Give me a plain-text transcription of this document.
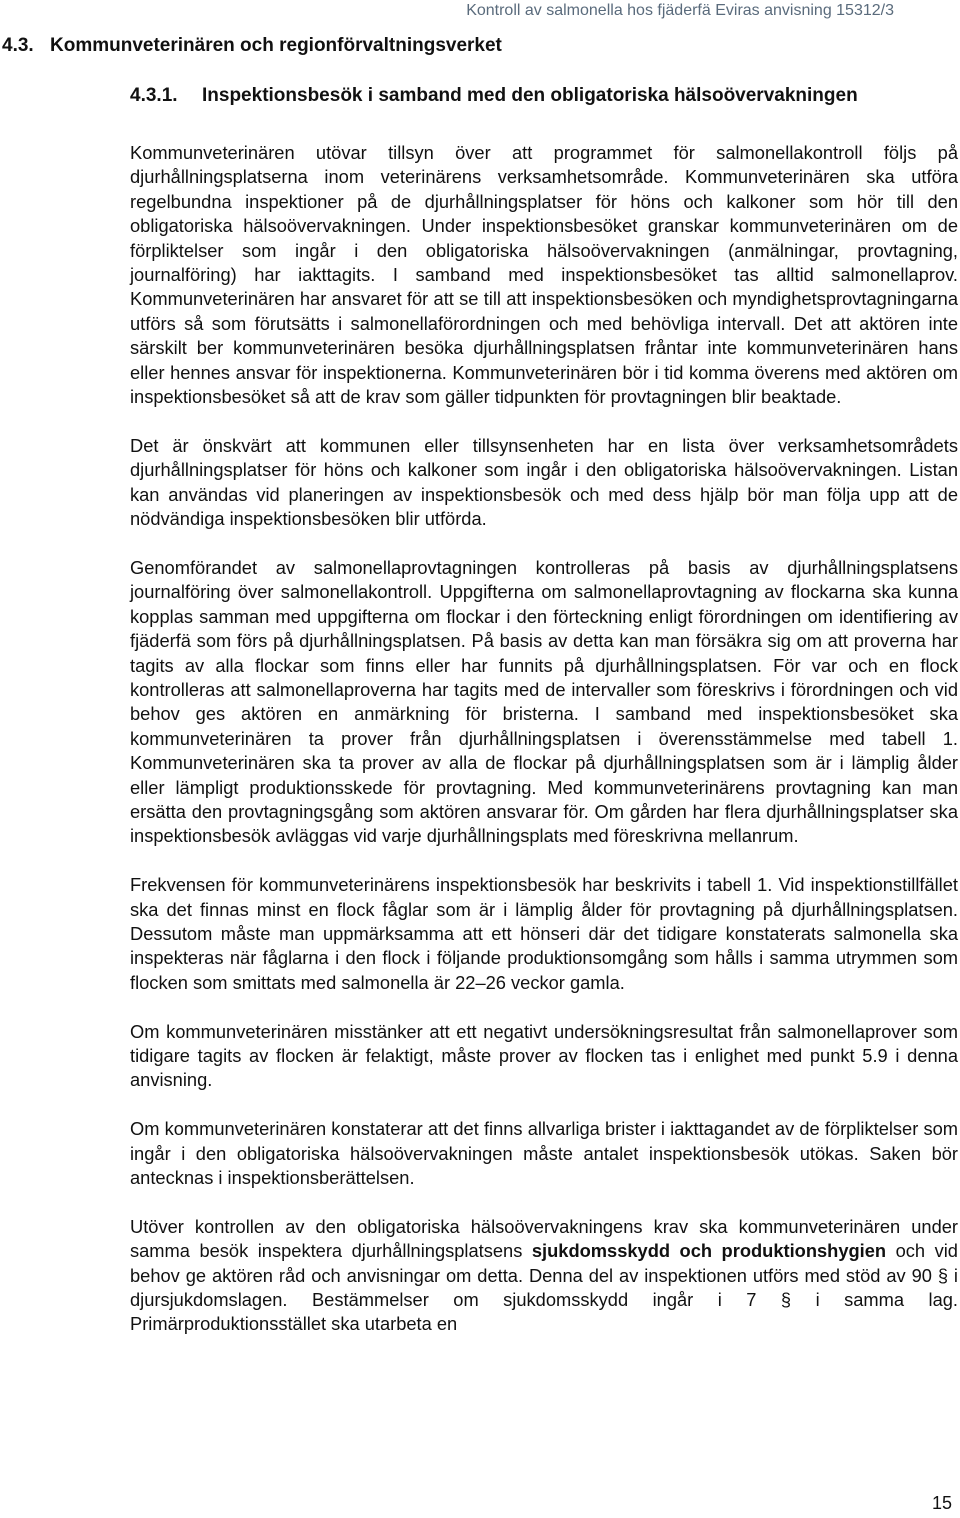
Kontroll av salmonella hos fjäderfä Eviras anvisning 15312/3
4.3. Kommunveterinären och regionförvaltningsverket
4.3.1. Inspektionsbesök i samband med den obligatoriska hälsoövervakningen

Kommunveterinären utövar tillsyn över att programmet för salmonellakontroll följs på djurhållningsplatserna inom veterinärens verksamhetsområde. Kommunveterinären ska utföra regelbundna inspektioner på de djurhållningsplatser för höns och kalkoner som hör till den obligatoriska hälsoövervakningen. Under inspektionsbesöket granskar kommunveterinären om de förpliktelser som ingår i den obligatoriska hälsoövervakningen (anmälningar, provtagning, journalföring) har iakttagits. I samband med inspektionsbesöket tas alltid salmonellaprov. Kommunveterinären har ansvaret för att se till att inspektionsbesöken och myndighetsprovtagningarna utförs så som förutsätts i salmonellaförordningen och med behövliga intervall. Det att aktören inte särskilt ber kommunveterinären besöka djurhållningsplatsen fråntar inte kommunveterinären hans eller hennes ansvar för inspektionerna. Kommunveterinären bör i tid komma överens med aktören om inspektionsbesöket så att de krav som gäller tidpunkten för provtagningen blir beaktade.

Det är önskvärt att kommunen eller tillsynsenheten har en lista över verksamhetsområdets djurhållningsplatser för höns och kalkoner som ingår i den obligatoriska hälsoövervakningen. Listan kan användas vid planeringen av inspektionsbesök och med dess hjälp bör man följa upp att de nödvändiga inspektionsbesöken blir utförda.

Genomförandet av salmonellaprovtagningen kontrolleras på basis av djurhållningsplatsens journalföring över salmonellakontroll. Uppgifterna om salmonellaprovtagning av flockarna ska kunna kopplas samman med uppgifterna om flockar i den förteckning enligt förordningen om identifiering av fjäderfä som förs på djurhållningsplatsen. På basis av detta kan man försäkra sig om att proverna har tagits av alla flockar som finns eller har funnits på djurhållningsplatsen. För var och en flock kontrolleras att salmonellaproverna har tagits med de intervaller som föreskrivs i förordningen och vid behov ges aktören en anmärkning för bristerna. I samband med inspektionsbesöket ska kommunveterinären ta prover från djurhållningsplatsen i överensstämmelse med tabell 1. Kommunveterinären ska ta prover av alla de flockar på djurhållningsplatsen som är i lämplig ålder eller lämpligt produktionsskede för provtagning. Med kommunveterinärens provtagning kan man ersätta den provtagningsgång som aktören ansvarar för. Om gården har flera djurhållningsplatser ska inspektionsbesök avläggas vid varje djurhållningsplats med föreskrivna mellanrum.

Frekvensen för kommunveterinärens inspektionsbesök har beskrivits i tabell 1. Vid inspektionstillfället ska det finnas minst en flock fåglar som är i lämplig ålder för provtagning på djurhållningsplatsen. Dessutom måste man uppmärksamma att ett hönseri där det tidigare konstaterats salmonella ska inspekteras när fåglarna i den flock i följande produktionsomgång som hålls i samma utrymmen som flocken som smittats med salmonella är 22–26 veckor gamla.

Om kommunveterinären misstänker att ett negativt undersökningsresultat från salmonellaprover som tidigare tagits av flocken är felaktigt, måste prover av flocken tas i enlighet med punkt 5.9 i denna anvisning.

Om kommunveterinären konstaterar att det finns allvarliga brister i iakttagandet av de förpliktelser som ingår i den obligatoriska hälsoövervakningen måste antalet inspektionsbesök utökas. Saken bör antecknas i inspektionsberättelsen.

Utöver kontrollen av den obligatoriska hälsoövervakningens krav ska kommunveterinären under samma besök inspektera djurhållningsplatsens sjukdomsskydd och produktionshygien och vid behov ge aktören råd och anvisningar om detta. Denna del av inspektionen utförs med stöd av 90 § i djursjukdomslagen. Bestämmelser om sjukdomsskydd ingår i 7 § i samma lag. Primärproduktionsstället ska utarbeta en

15
